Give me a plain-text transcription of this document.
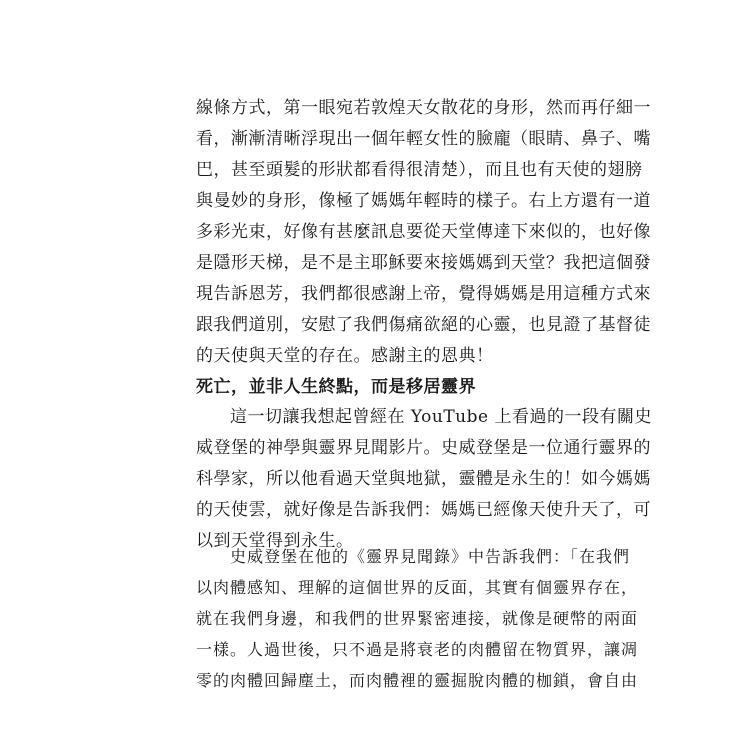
線條方式，第一眼宛若敦煌天女散花的身形，然而再仔細一
看，漸漸清晰浮現出一個年輕女性的臉龐（眼睛、鼻子、嘴
巴，甚至頭髮的形狀都看得很清楚），而且也有天使的翅膀
與曼妙的身形，像極了媽媽年輕時的樣子。右上方還有一道
多彩光束，好像有甚麼訊息要從天堂傳達下來似的，也好像
是隱形天梯，是不是主耶穌要來接媽媽到天堂？我把這個發
現告訴恩芳，我們都很感謝上帝，覺得媽媽是用這種方式來
跟我們道別，安慰了我們傷痛欲絕的心靈，也見證了基督徒
的天使與天堂的存在。感謝主的恩典！
死亡，並非人生終點，而是移居靈界
這一切讓我想起曾經在 YouTube 上看過的一段有關史
威登堡的神學與靈界見聞影片。史威登堡是一位通行靈界的
科學家，所以他看過天堂與地獄，靈體是永生的！如今媽媽
的天使雲，就好像是告訴我們：媽媽已經像天使升天了，可
以到天堂得到永生。
史威登堡在他的《靈界見聞錄》中告訴我們：「在我們
以肉體感知、理解的這個世界的反面，其實有個靈界存在，
就在我們身邊，和我們的世界緊密連接，就像是硬幣的兩面
一樣。人過世後，只不過是將衰老的肉體留在物質界，讓凋
零的肉體回歸塵土，而肉體裡的靈掘脫肉體的枷鎖，會自由
